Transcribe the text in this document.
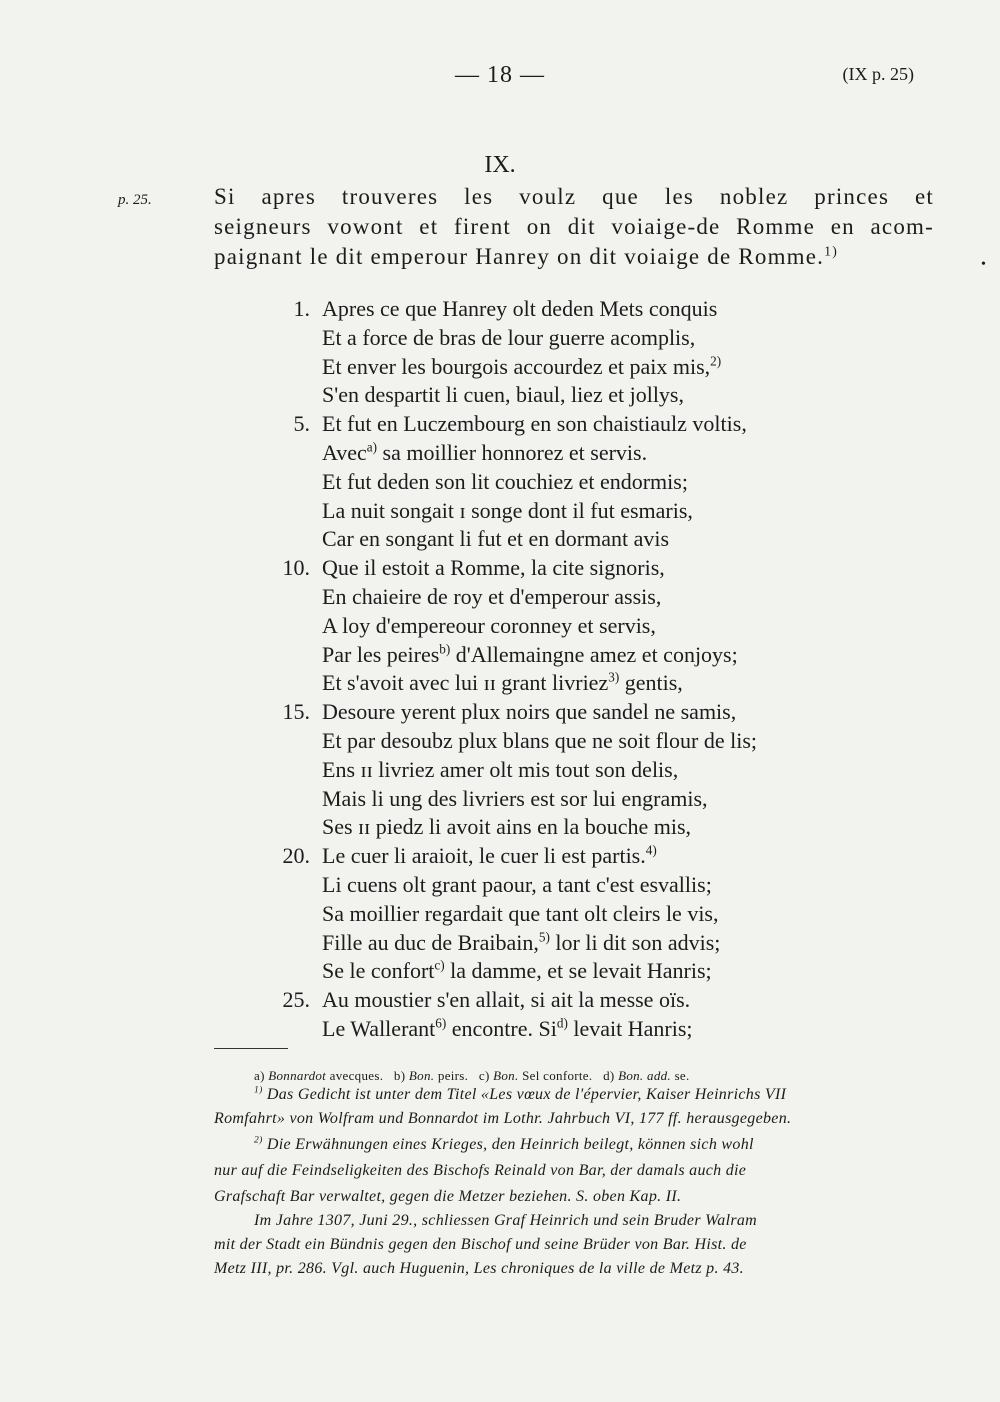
— 18 —	(IX p. 25)
IX.
p. 25.	Si apres trouveres les voulz que les noblez princes et
seigneurs vowont et firent on dit voiaige-de Romme en acom-
paignant le dit emperour Hanrey on dit voiaige de Romme.$^{1)}$
•
1. Apres ce que Hanrey olt deden Mets conquis
Et a force de bras de lour guerre acomplis,
Et enver les bourgois accourdez et paix mis,$^{2)}$
S'en despartit li cuen, biaul, liez et jollys,
5. Et fut en Luczembourg en son chaistiaulz voltis,
Avec$^{a)}$ sa moillier honnorez et servis.
Et fut deden son lit couchiez et endormis;
La nuit songait ɪ songe dont il fut esmaris,
Car en songant li fut et en dormant avis
10. Que il estoit a Romme, la cite signoris,
En chaieire de roy et d'emperour assis,
A loy d'empereour coronney et servis,
Par les peires$^{b)}$ d'Allemaingne amez et conjoys;
Et s'avoit avec lui ɪɪ grant livriez$^{3)}$ gentis,
15. Desoure yerent plux noirs que sandel ne samis,
Et par desoubz plux blans que ne soit flour de lis;
Ens ɪɪ livriez amer olt mis tout son delis,
Mais li ung des livriers est sor lui engramis,
Ses ɪɪ piedz li avoit ains en la bouche mis,
20. Le cuer li araioit, le cuer li est partis.$^{4)}$
Li cuens olt grant paour, a tant c'est esvallis;
Sa moillier regardait que tant olt cleirs le vis,
Fille au duc de Braibain,$^{5)}$ lor li dit son advis;
Se le confort$^{c)}$ la damme, et se levait Hanris;
25. Au moustier s'en allait, si ait la messe oïs.
Le Wallerant$^{6)}$ encontre. Si$^{d)}$ levait Hanris;
a) Bonnardot avecques. b) Bon. peirs. c) Bon. Sel conforte. d) Bon. add. se.
$^{1)}$ Das Gedicht ist unter dem Titel «Les vœux de l'épervier, Kaiser Heinrichs VII
Romfahrt» von Wolfram und Bonnardot im Lothr. Jahrbuch VI, 177 ff. herausgegeben.
$^{2)}$ Die Erwähnungen eines Krieges, den Heinrich beilegt, können sich wohl
nur auf die Feindseligkeiten des Bischofs Reinald von Bar, der damals auch die
Grafschaft Bar verwaltet, gegen die Metzer beziehen. S. oben Kap. II.
Im Jahre 1307, Juni 29., schliessen Graf Heinrich und sein Bruder Walram
mit der Stadt ein Bündnis gegen den Bischof und seine Brüder von Bar. Hist. de
Metz III, pr. 286. Vgl. auch Huguenin, Les chroniques de la ville de Metz p. 43.
